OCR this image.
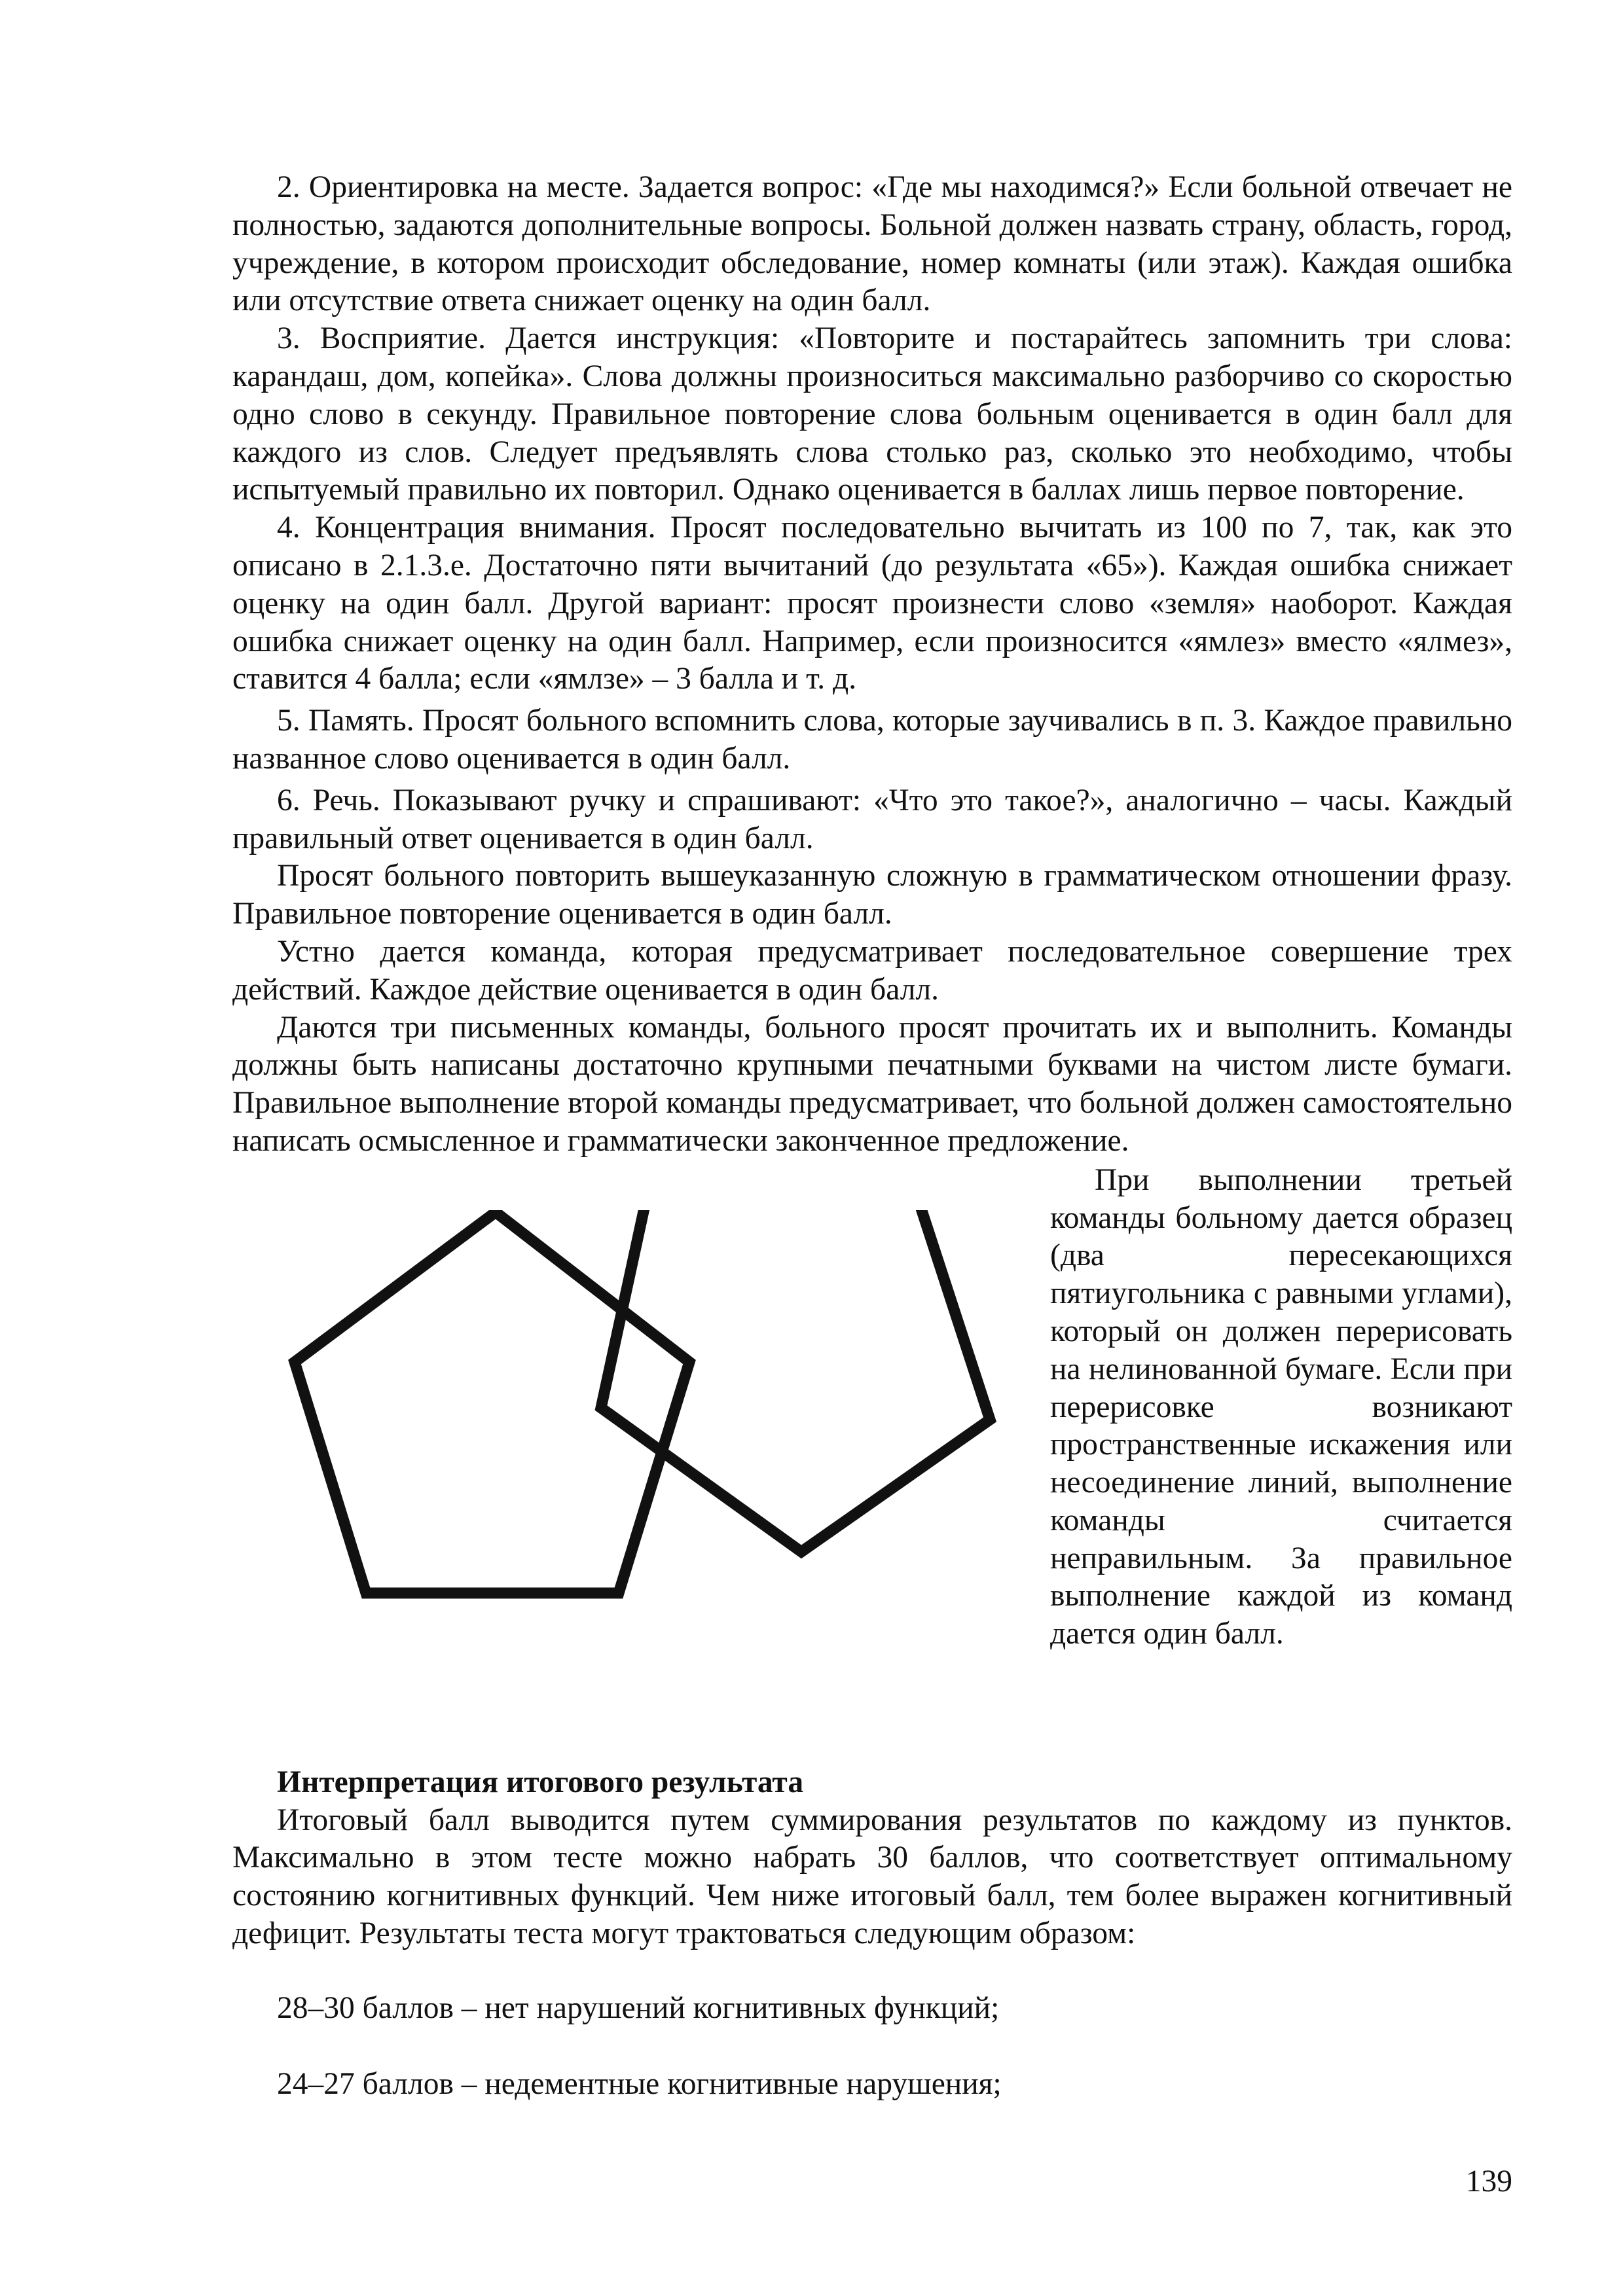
2. Ориентировка на месте. Задается вопрос: «Где мы находимся?» Если больной отвечает не полностью, задаются дополнительные вопросы. Больной должен назвать страну, область, город, учреждение, в котором происходит обследование, номер комнаты (или этаж). Каждая ошибка или отсутствие ответа снижает оценку на один балл.

3. Восприятие. Дается инструкция: «Повторите и постарайтесь запомнить три слова: карандаш, дом, копейка». Слова должны произноситься максимально разборчиво со скоростью одно слово в секунду. Правильное повторение слова больным оценивается в один балл для каждого из слов. Следует предъявлять слова столько раз, сколько это необходимо, чтобы испытуемый правильно их повторил. Однако оценивается в баллах лишь первое повторение.

4. Концентрация внимания. Просят последовательно вычитать из 100 по 7, так, как это описано в 2.1.3.е. Достаточно пяти вычитаний (до результата «65»). Каждая ошибка снижает оценку на один балл. Другой вариант: просят произнести слово «земля» наоборот. Каждая ошибка снижает оценку на один балл. Например, если произносится «ямлез» вместо «ялмез», ставится 4 балла; если «ямлзе» – 3 балла и т. д.

5. Память. Просят больного вспомнить слова, которые заучивались в п. 3. Каждое правильно названное слово оценивается в один балл.

6. Речь. Показывают ручку и спрашивают: «Что это такое?», аналогично – часы. Каждый правильный ответ оценивается в один балл.

Просят больного повторить вышеуказанную сложную в грамматическом отношении фразу. Правильное повторение оценивается в один балл.

Устно дается команда, которая предусматривает последовательное совершение трех действий. Каждое действие оценивается в один балл.

Даются три письменных команды, больного просят прочитать их и выполнить. Команды должны быть написаны достаточно крупными печатными буквами на чистом листе бумаги. Правильное выполнение второй команды предусматривает, что больной должен самостоятельно написать осмысленное и грамматически законченное предложение.

При выполнении третьей команды больному дается образец (два пересекающихся пятиугольника с равными углами), который он должен перерисовать на нелинованной бумаге. Если при перерисовке возникают пространственные искажения или несоединение линий, выполнение команды считается неправильным. За правильное выполнение каждой из команд дается один балл.

Интерпретация итогового результата

Итоговый балл выводится путем суммирования результатов по каждому из пунктов. Максимально в этом тесте можно набрать 30 баллов, что соответствует оптимальному состоянию когнитивных функций. Чем ниже итоговый балл, тем более выражен когнитивный дефицит. Результаты теста могут трактоваться следующим образом:

28–30 баллов – нет нарушений когнитивных функций;

24–27 баллов – недементные когнитивные нарушения;

139
